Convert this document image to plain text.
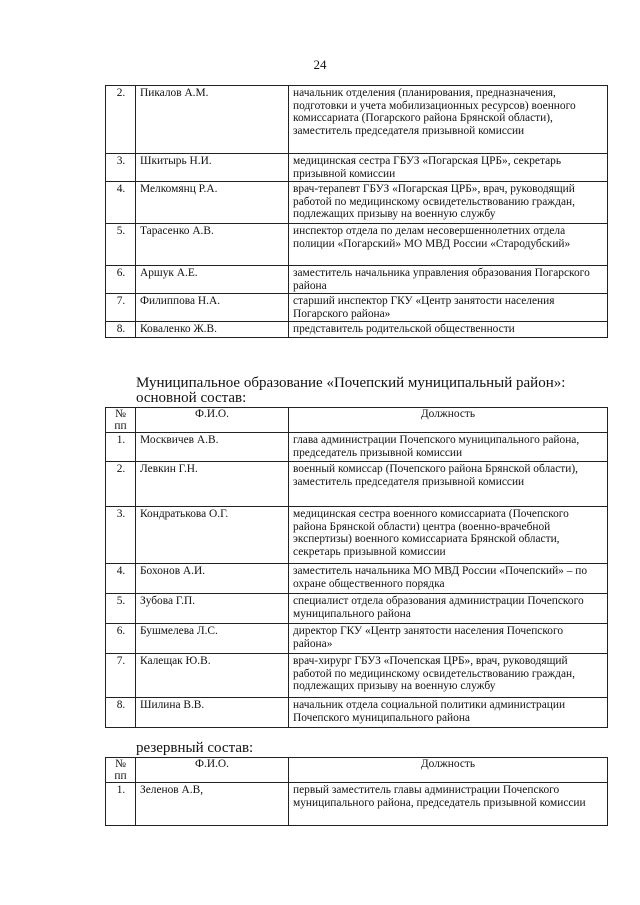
24
2.	Пикалов А.М.	начальник отделения (планирования, предназначения, подготовки и учета мобилизационных ресурсов) военного комиссариата (Погарского района Брянской области), заместитель председателя призывной комиссии
3.	Шкитырь Н.И.	медицинская сестра ГБУЗ «Погарская ЦРБ», секретарь призывной комиссии
4.	Мелкомянц Р.А.	врач-терапевт ГБУЗ «Погарская ЦРБ», врач, руководящий работой по медицинскому освидетельствованию граждан, подлежащих призыву на военную службу
5.	Тарасенко А.В.	инспектор отдела по делам несовершеннолетних отдела полиции «Погарский» МО МВД России «Стародубский»
6.	Аршук А.Е.	заместитель начальника управления образования Погарского района
7.	Филиппова Н.А.	старший инспектор ГКУ «Центр занятости населения Погарского района»
8.	Коваленко Ж.В.	представитель родительской общественности
Муниципальное образование «Почепский муниципальный район»:
основной состав:
№ пп	Ф.И.О.	Должность
1.	Москвичев А.В.	глава администрации Почепского муниципального района, председатель призывной комиссии
2.	Левкин Г.Н.	военный комиссар (Почепского района Брянской области), заместитель председателя призывной комиссии
3.	Кондратькова О.Г.	медицинская сестра военного комиссариата (Почепского района Брянской области) центра (военно-врачебной экспертизы) военного комиссариата Брянской области, секретарь призывной комиссии
4.	Бохонов А.И.	заместитель начальника МО МВД России «Почепский» – по охране общественного порядка
5.	Зубова Г.П.	специалист отдела образования администрации Почепского муниципального района
6.	Бушмелева Л.С.	директор ГКУ «Центр занятости населения Почепского района»
7.	Калещак Ю.В.	врач-хирург ГБУЗ «Почепская ЦРБ», врач, руководящий работой по медицинскому освидетельствованию граждан, подлежащих призыву на военную службу
8.	Шилина В.В.	начальник отдела социальной политики администрации Почепского муниципального района
резервный состав:
№ пп	Ф.И.О.	Должность
1.	Зеленов А.В,	первый заместитель главы администрации Почепского муниципального района, председатель призывной комиссии
